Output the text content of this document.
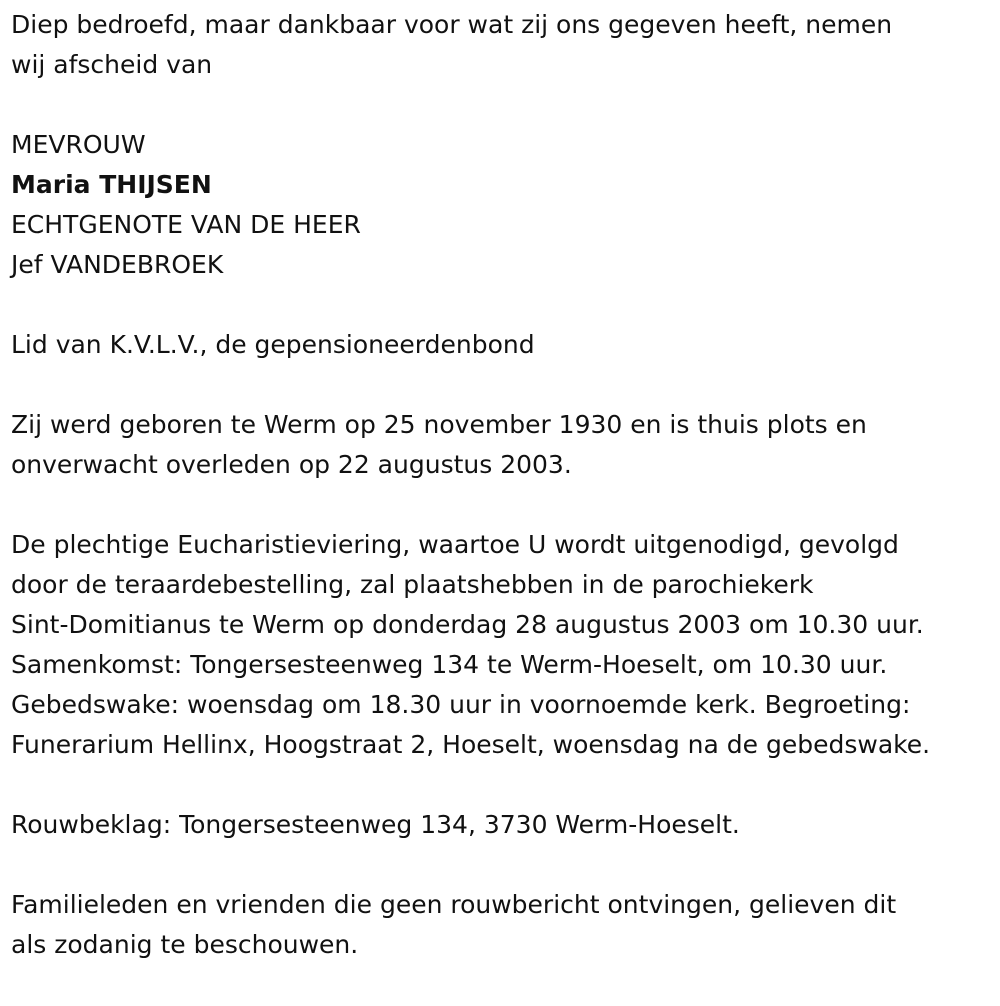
Diep bedroefd, maar dankbaar voor wat zij ons gegeven heeft, nemen
wij afscheid van

MEVROUW

Maria THIJSEN

ECHTGENOTE VAN DE HEER

Jef VANDEBROEK

Lid van K.V.L.V., de gepensioneerdenbond

Zij werd geboren te Werm op 25 november 1930 en is thuis plots en
onverwacht overleden op 22 augustus 2003.

De plechtige Eucharistieviering, waartoe U wordt uitgenodigd, gevolgd
door de teraardebestelling, zal plaatshebben in de parochiekerk
Sint-Domitianus te Werm op donderdag 28 augustus 2003 om 10.30 uur.
Samenkomst: Tongersesteenweg 134 te Werm-Hoeselt, om 10.30 uur.
Gebedswake: woensdag om 18.30 uur in voornoemde kerk. Begroeting:
Funerarium Hellinx, Hoogstraat 2, Hoeselt, woensdag na de gebedswake.

Rouwbeklag: Tongersesteenweg 134, 3730 Werm-Hoeselt.

Familieleden en vrienden die geen rouwbericht ontvingen, gelieven dit
als zodanig te beschouwen.
